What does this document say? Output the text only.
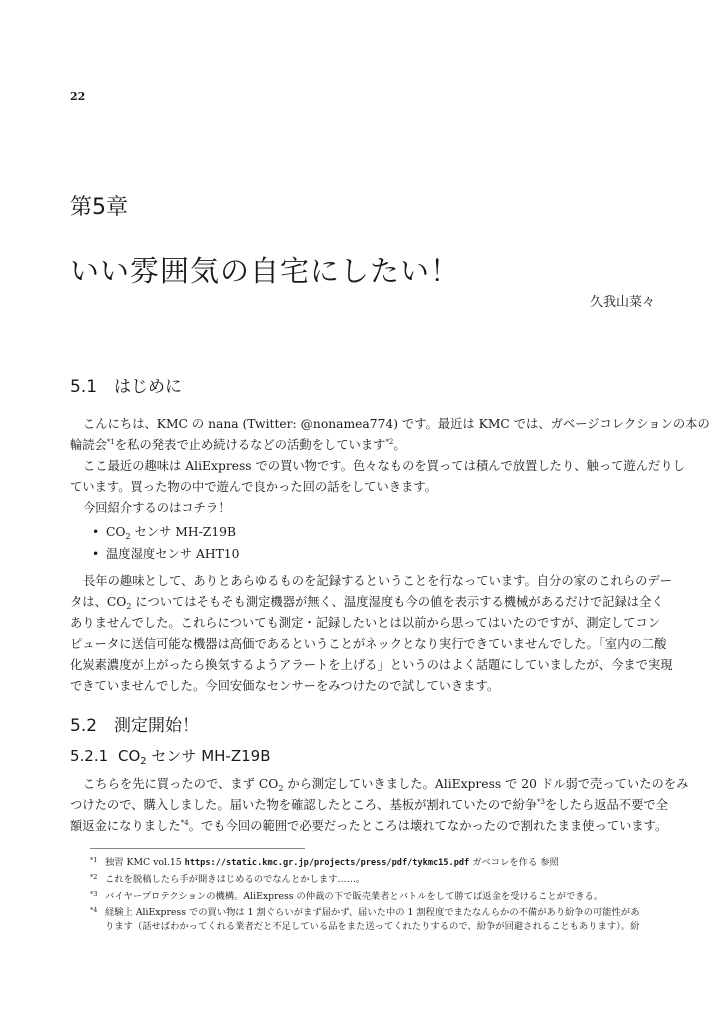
22
第5章
いい雰囲気の自宅にしたい！
久我山菜々
5.1 はじめに
こんにちは、KMC の nana (Twitter: @nonamea774) です。最近は KMC では、ガベージコレクションの本の
輪読会$^{*1}$を私の発表で止め続けるなどの活動をしています$^{*2}$。
ここ最近の趣味は AliExpress での買い物です。色々なものを買っては積んで放置したり、触って遊んだりし
ています。買った物の中で遊んで良かった回の話をしていきます。
今回紹介するのはコチラ！
• $CO_2$ センサ MH-Z19B
• 温度湿度センサ AHT10
長年の趣味として、ありとあらゆるものを記録するということを行なっています。自分の家のこれらのデー
タは、$CO_2$ についてはそもそも測定機器が無く、温度湿度も今の値を表示する機械があるだけで記録は全く
ありませんでした。これらについても測定・記録したいとは以前から思ってはいたのですが、測定してコン
ピュータに送信可能な機器は高価であるということがネックとなり実行できていませんでした。「室内の二酸
化炭素濃度が上がったら換気するようアラートを上げる」というのはよく話題にしていましたが、今まで実現
できていませんでした。今回安価なセンサーをみつけたので試していきます。
5.2 測定開始！
5.2.1 $CO_2$ センサ MH-Z19B
こちらを先に買ったので、まず $CO_2$ から測定していきました。AliExpress で 20 ドル弱で売っていたのをみ
つけたので、購入しました。届いた物を確認したところ、基板が割れていたので紛争$^{*3}$をしたら返品不要で全
額返金になりました$^{*4}$。でも今回の範囲で必要だったところは壊れてなかったので割れたまま使っています。
*1 独習 KMC vol.15 https://static.kmc.gr.jp/projects/press/pdf/tykmc15.pdf ガベコレを作る 参照
*2 これを脱稿したら手が開きはじめるのでなんとかします……。
*3 バイヤープロテクションの機構。AliExpress の仲裁の下で販売業者とバトルをして勝てば返金を受けることができる。
*4 経験上 AliExpress での買い物は 1 割ぐらいがまず届かず、届いた中の 1 割程度でまたなんらかの不備があり紛争の可能性があ
ります（話せばわかってくれる業者だと不足している品をまた送ってくれたりするので、紛争が回避されることもあります）。紛
